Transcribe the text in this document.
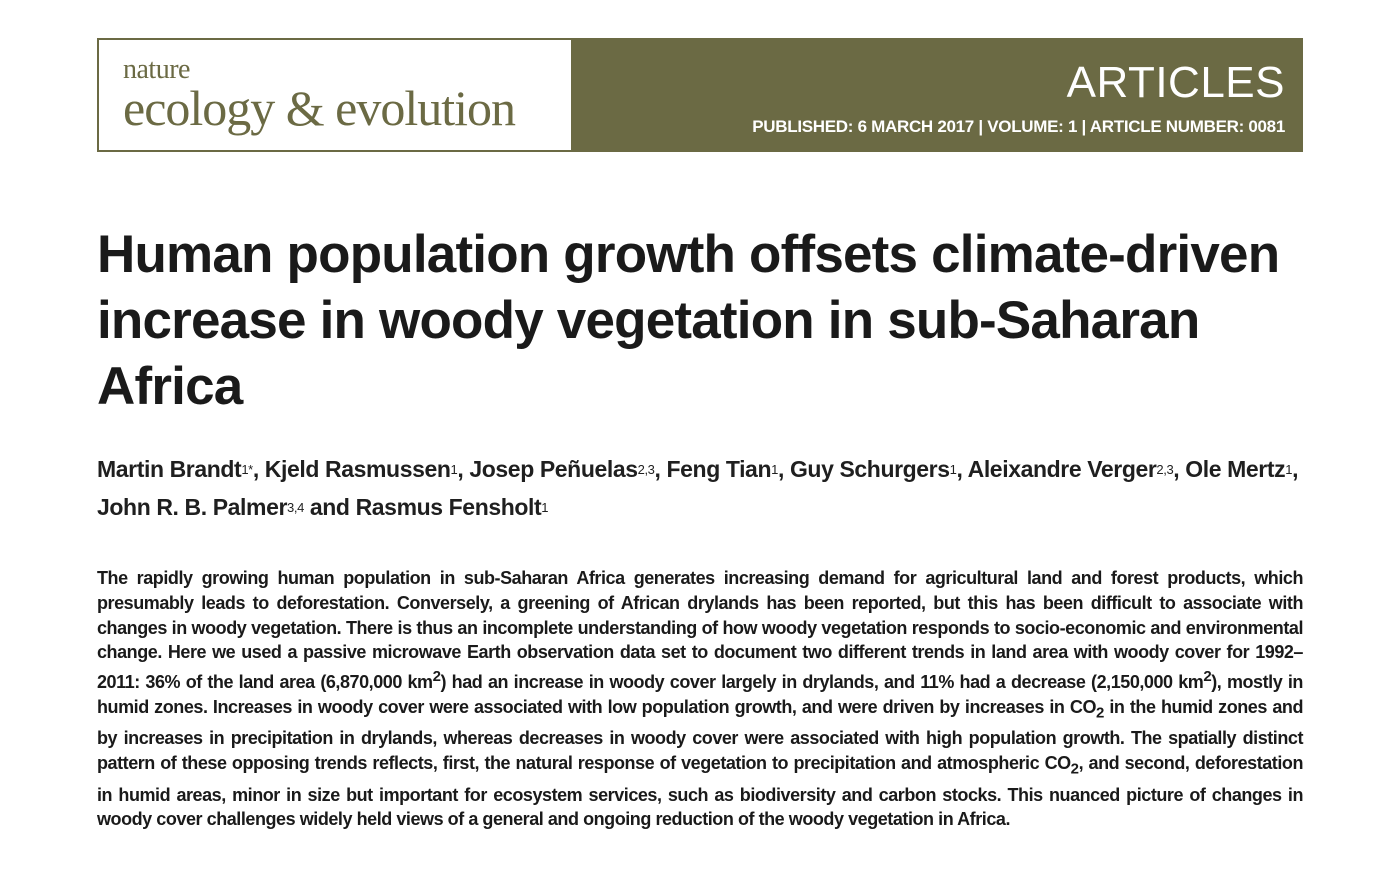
nature
ecology & evolution	ARTICLES
PUBLISHED: 6 MARCH 2017 | VOLUME: 1 | ARTICLE NUMBER: 0081
Human population growth offsets climate-driven increase in woody vegetation in sub-Saharan Africa
Martin Brandt$^{1*}$, Kjeld Rasmussen$^1$, Josep Peñuelas$^{2,3}$, Feng Tian$^1$, Guy Schurgers$^1$, Aleixandre Verger$^{2,3}$, Ole Mertz$^1$, John R. B. Palmer$^{3,4}$ and Rasmus Fensholt$^1$

The rapidly growing human population in sub-Saharan Africa generates increasing demand for agricultural land and forest products, which presumably leads to deforestation. Conversely, a greening of African drylands has been reported, but this has been difficult to associate with changes in woody vegetation. There is thus an incomplete understanding of how woody vegetation responds to socio-economic and environmental change. Here we used a passive microwave Earth observation data set to document two different trends in land area with woody cover for 1992–2011: 36% of the land area (6,870,000 $km^2$) had an increase in woody cover largely in drylands, and 11% had a decrease (2,150,000 $km^2$), mostly in humid zones. Increases in woody cover were associated with low population growth, and were driven by increases in $CO_2$ in the humid zones and by increases in precipitation in drylands, whereas decreases in woody cover were associated with high population growth. The spatially distinct pattern of these opposing trends reflects, first, the natural response of vegetation to precipitation and atmospheric $CO_2$, and second, deforestation in humid areas, minor in size but important for ecosystem services, such as biodiversity and carbon stocks. This nuanced picture of changes in woody cover challenges widely held views of a general and ongoing reduction of the woody vegetation in Africa.
